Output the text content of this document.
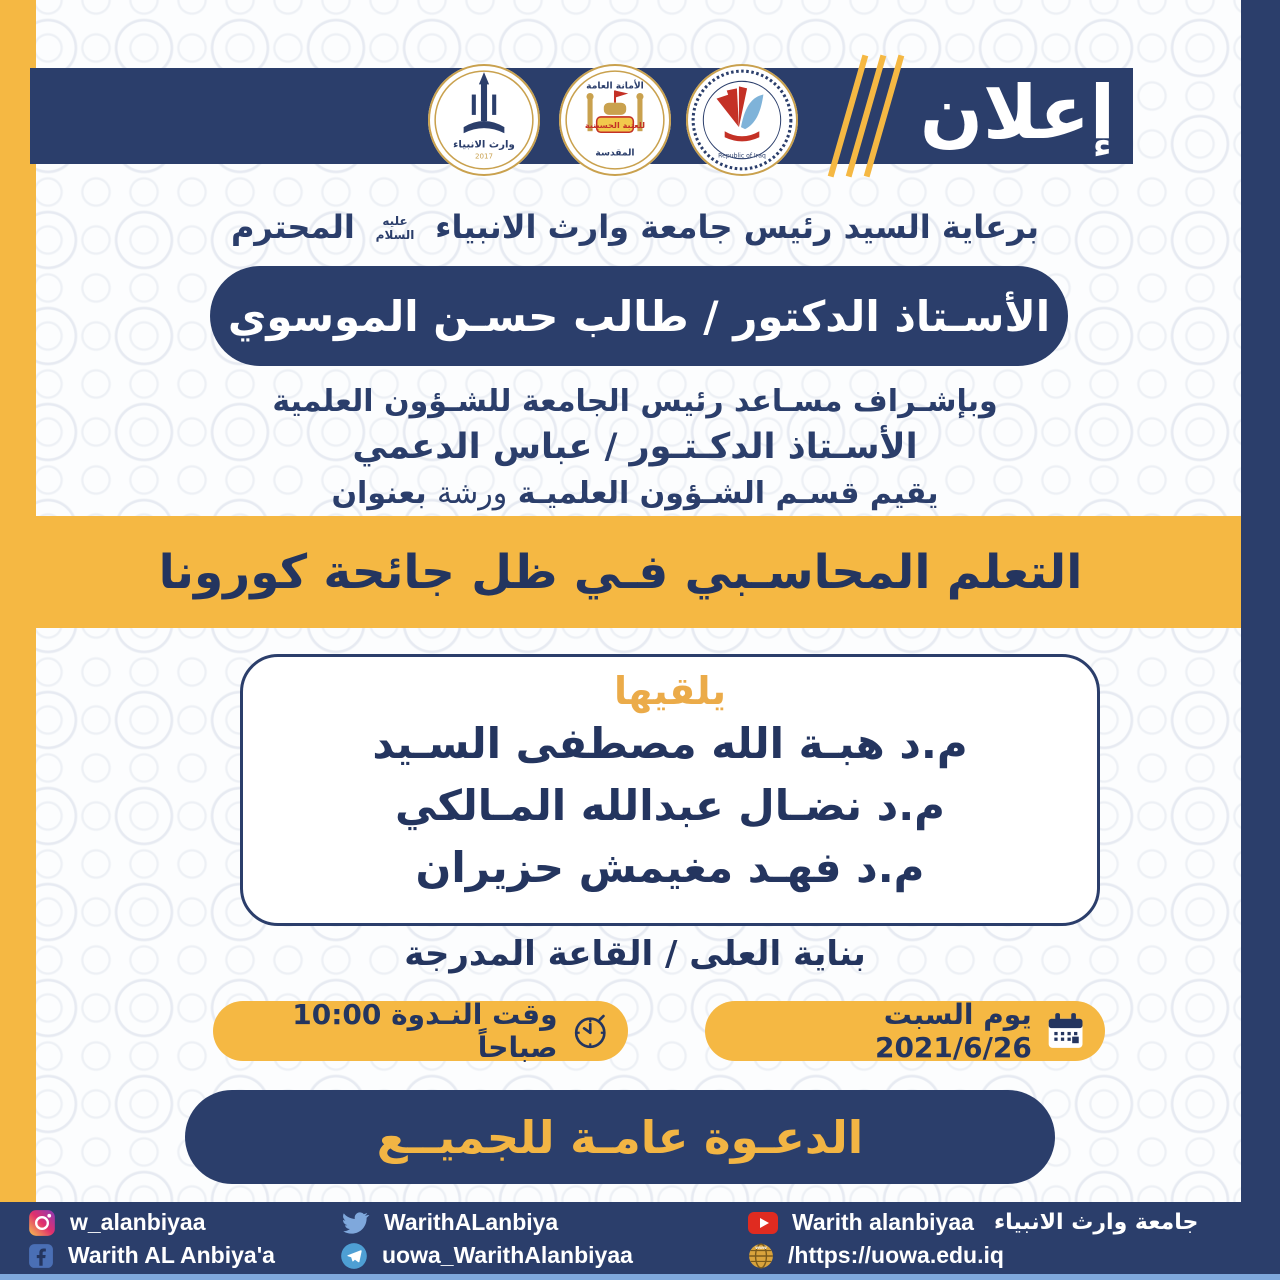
إعلان
وارث الانبياء
2017
الأمانة العامة
للعتبة الحسينية
المقدسة	Republic of Iraq
برعاية السيد رئيس جامعة وارث الانبياء عليه السلام المحترم
الأسـتاذ الدكتور / طالب حسـن الموسوي
وبإشـراف مسـاعد رئيس الجامعة للشـؤون العلمية
الأسـتاذ الدكـتـور / عباس الدعمي
يقيم قسـم الشـؤون العلميـة ورشة بعنوان
التعلم المحاسـبي فـي ظل جائحة كورونا
يلقيها
م.د هبـة الله مصطفى السـيد
م.د نضـال عبدالله المـالكي
م.د فهـد مغيمش حزيران
بناية العلى / القاعة المدرجة
وقت النـدوة 10:00 صباحاً
يوم السبت 2021/6/26
الدعـوة عامـة للجميــع
w_alanbiyaa
Warith AL Anbiya'a
WarithALanbiya
uowa_WarithAlanbiyaa
Warith alanbiyaa جامعة وارث الانبياء
www /https://uowa.edu.iq
